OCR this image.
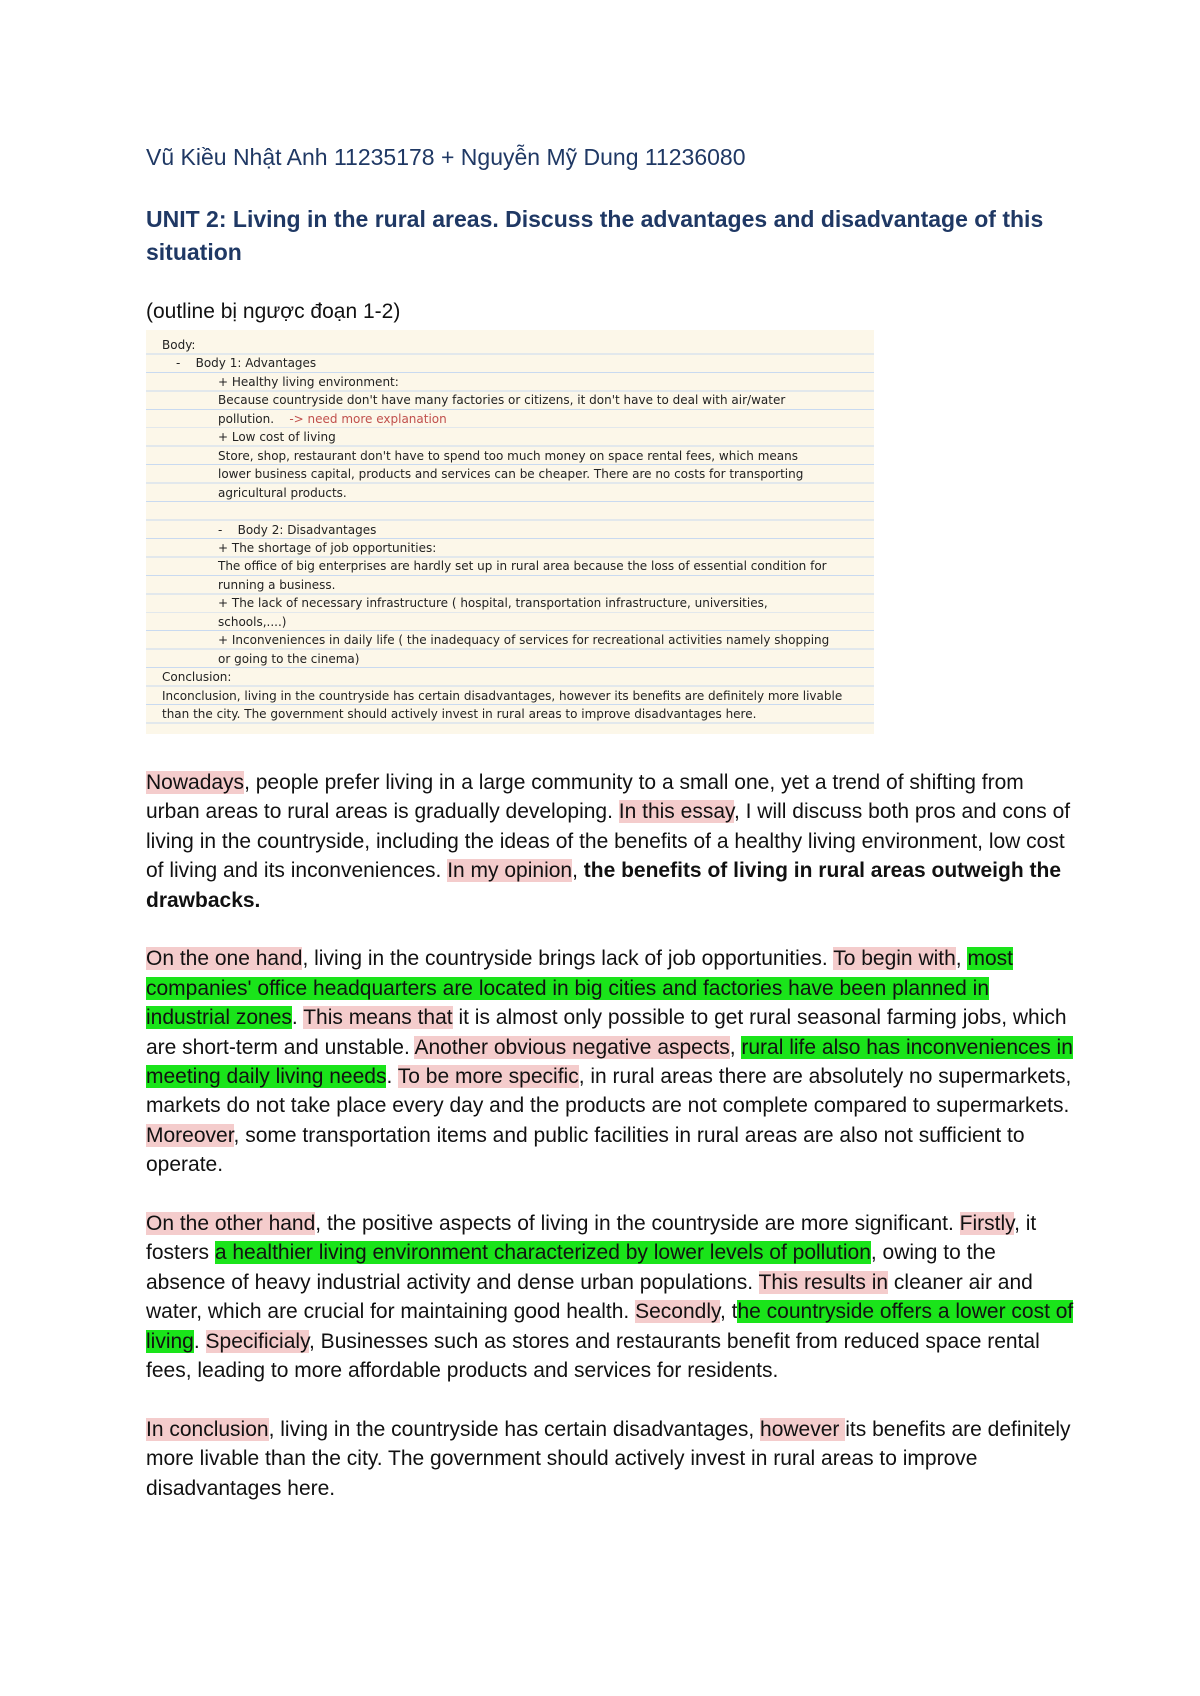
Vũ Kiều Nhật Anh 11235178 + Nguyễn Mỹ Dung 11236080
UNIT 2: Living in the rural areas. Discuss the advantages and disadvantage of this situation

(outline bị ngược đoạn 1-2)

Body:
-    Body 1: Advantages
+ Healthy living environment:
Because countryside don't have many factories or citizens, it don't have to deal with air/water
pollution. -> need more explanation
+ Low cost of living
Store, shop, restaurant don't have to spend too much money on space rental fees, which means
lower business capital, products and services can be cheaper. There are no costs for transporting
agricultural products.
-    Body 2: Disadvantages
+ The shortage of job opportunities:
The office of big enterprises are hardly set up in rural area because the loss of essential condition for
running a business.
+ The lack of necessary infrastructure ( hospital, transportation infrastructure, universities,
schools,....)
+ Inconveniences in daily life ( the inadequacy of services for recreational activities namely shopping
or going to the cinema)
Conclusion:
Inconclusion, living in the countryside has certain disadvantages, however its benefits are definitely more livable
than the city. The government should actively invest in rural areas to improve disadvantages here.

Nowadays, people prefer living in a large community to a small one, yet a trend of shifting from urban areas to rural areas is gradually developing. In this essay, I will discuss both pros and cons of living in the countryside, including the ideas of the benefits of a healthy living environment, low cost of living and its inconveniences. In my opinion, the benefits of living in rural areas outweigh the drawbacks.

On the one hand, living in the countryside brings lack of job opportunities. To begin with, most companies' office headquarters are located in big cities and factories have been planned in industrial zones. This means that it is almost only possible to get rural seasonal farming jobs, which are short-term and unstable. Another obvious negative aspects, rural life also has inconveniences in meeting daily living needs. To be more specific, in rural areas there are absolutely no supermarkets, markets do not take place every day and the products are not complete compared to supermarkets. Moreover, some transportation items and public facilities in rural areas are also not sufficient to operate.

On the other hand, the positive aspects of living in the countryside are more significant. Firstly, it fosters a healthier living environment characterized by lower levels of pollution, owing to the absence of heavy industrial activity and dense urban populations. This results in cleaner air and water, which are crucial for maintaining good health. Secondly, the countryside offers a lower cost of living. Specificialy, Businesses such as stores and restaurants benefit from reduced space rental fees, leading to more affordable products and services for residents.

In conclusion, living in the countryside has certain disadvantages, however its benefits are definitely more livable than the city. The government should actively invest in rural areas to improve disadvantages here.
